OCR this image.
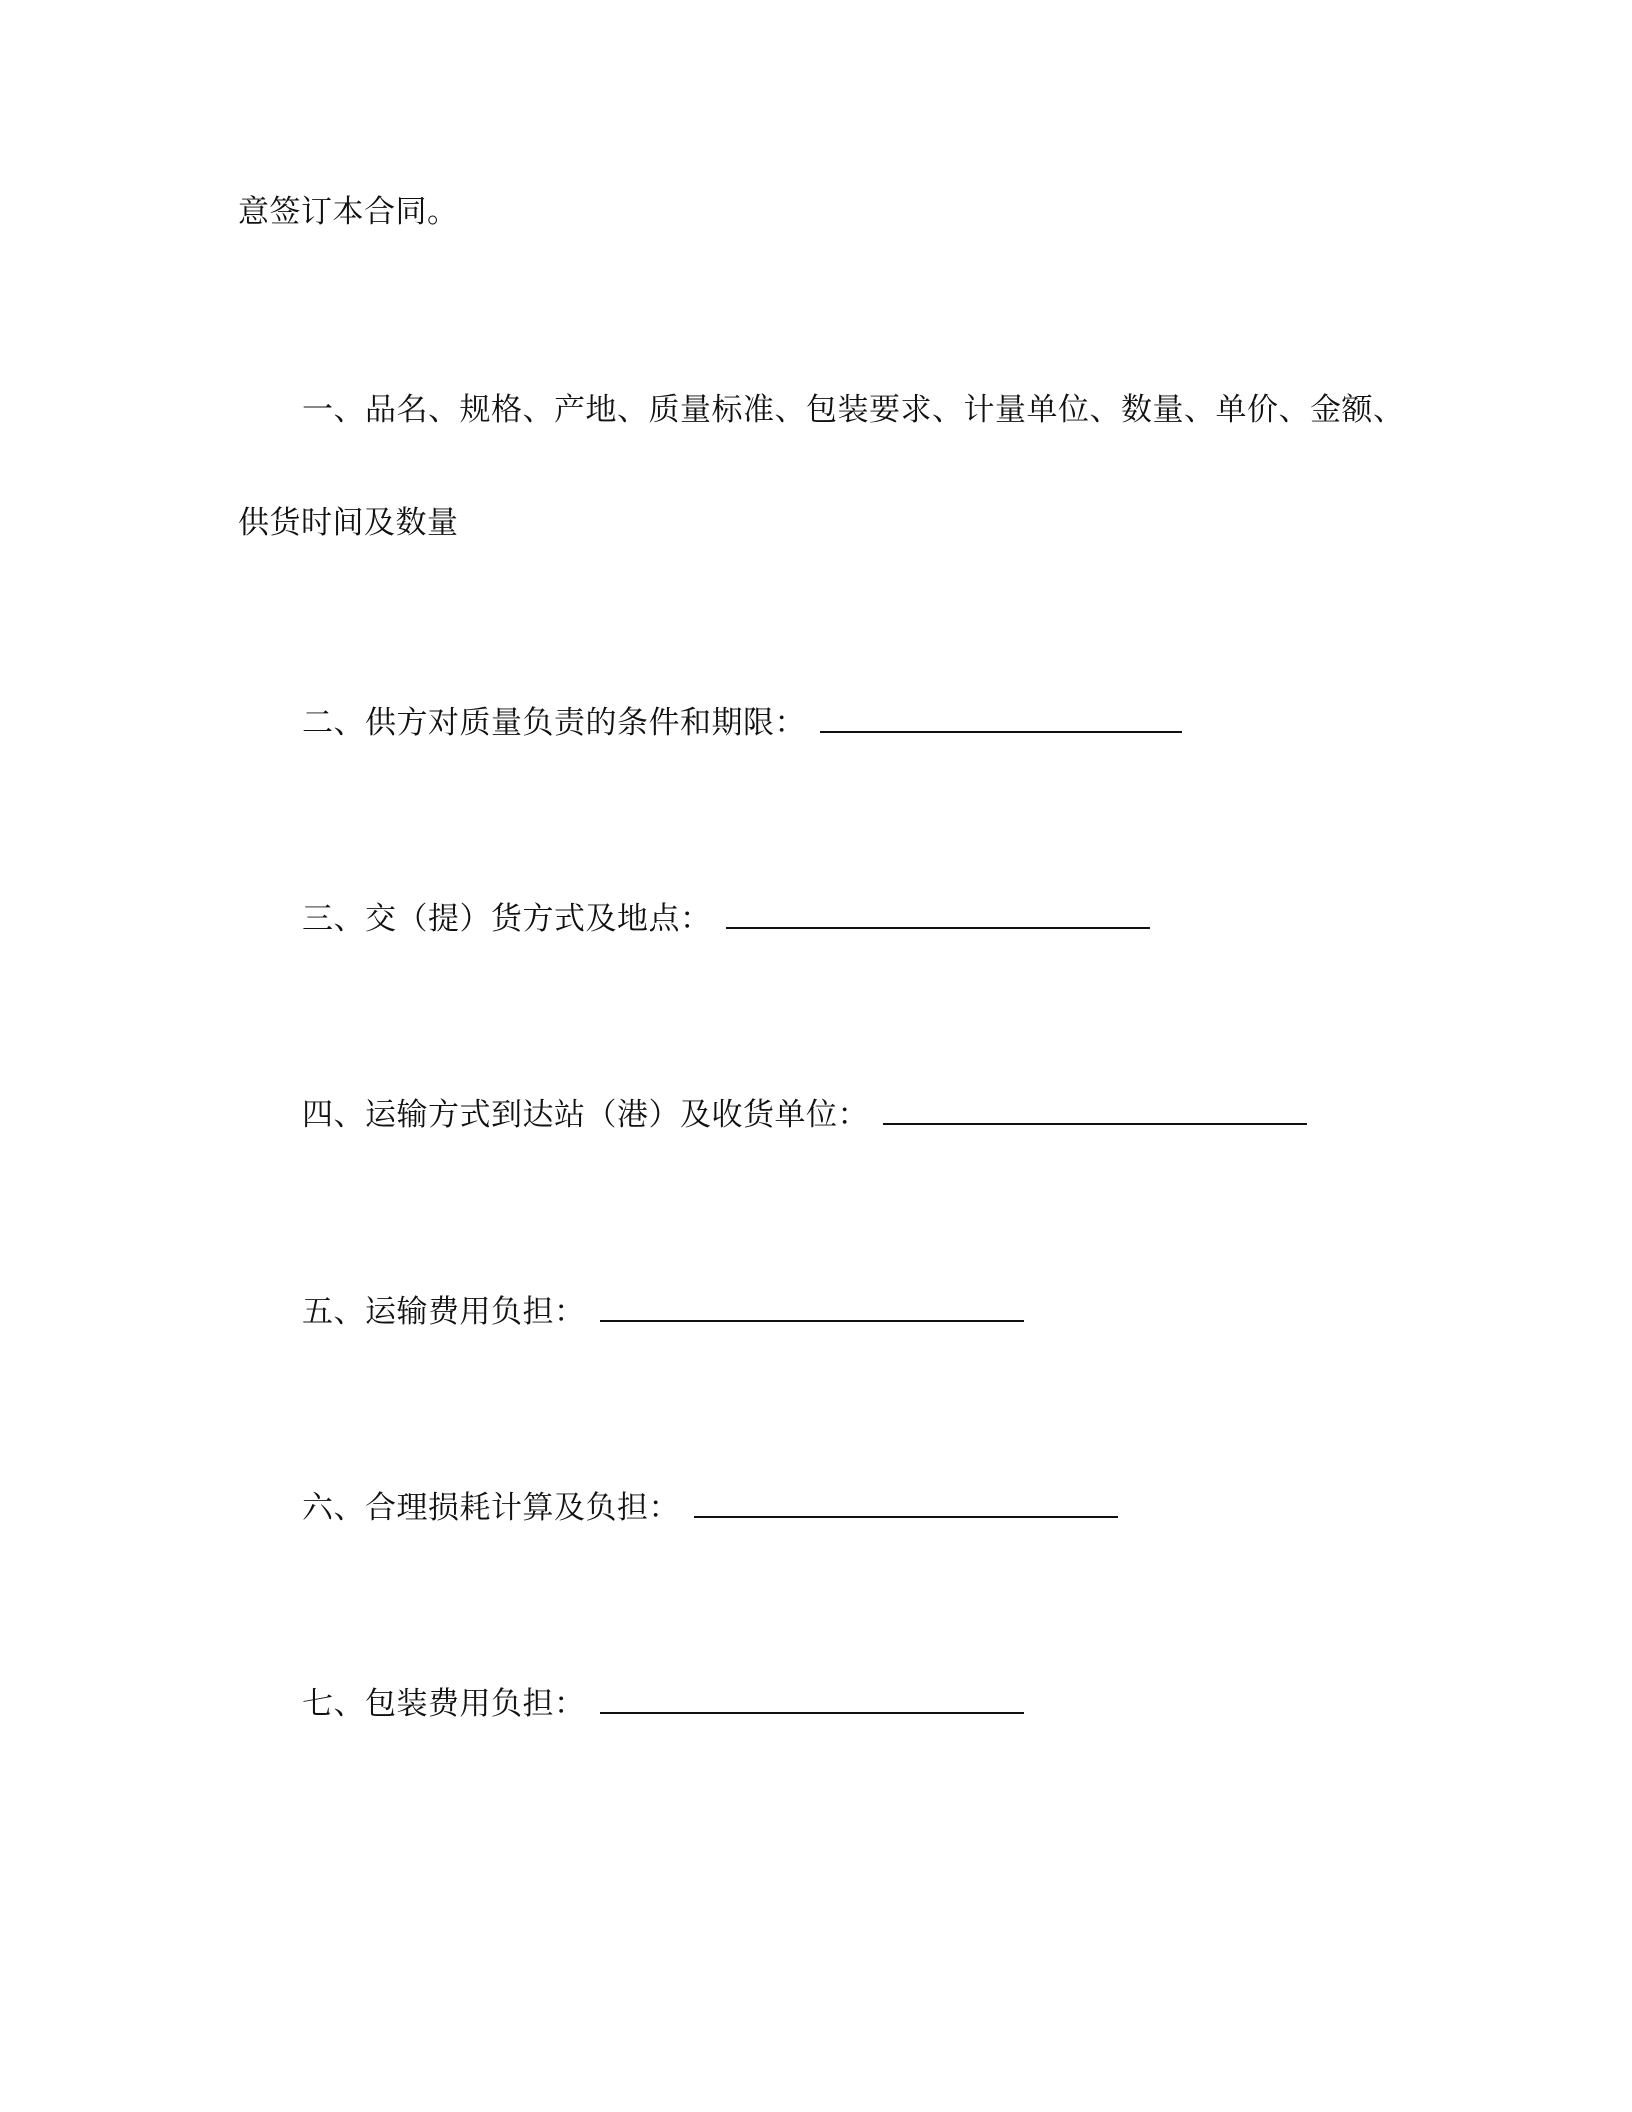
意签订本合同。
一、品名、规格、产地、质量标准、包装要求、计量单位、数量、单价、金额、
供货时间及数量
二、供方对质量负责的条件和期限：
三、交（提）货方式及地点：
四、运输方式到达站（港）及收货单位：
五、运输费用负担：
六、合理损耗计算及负担：
七、包装费用负担：
